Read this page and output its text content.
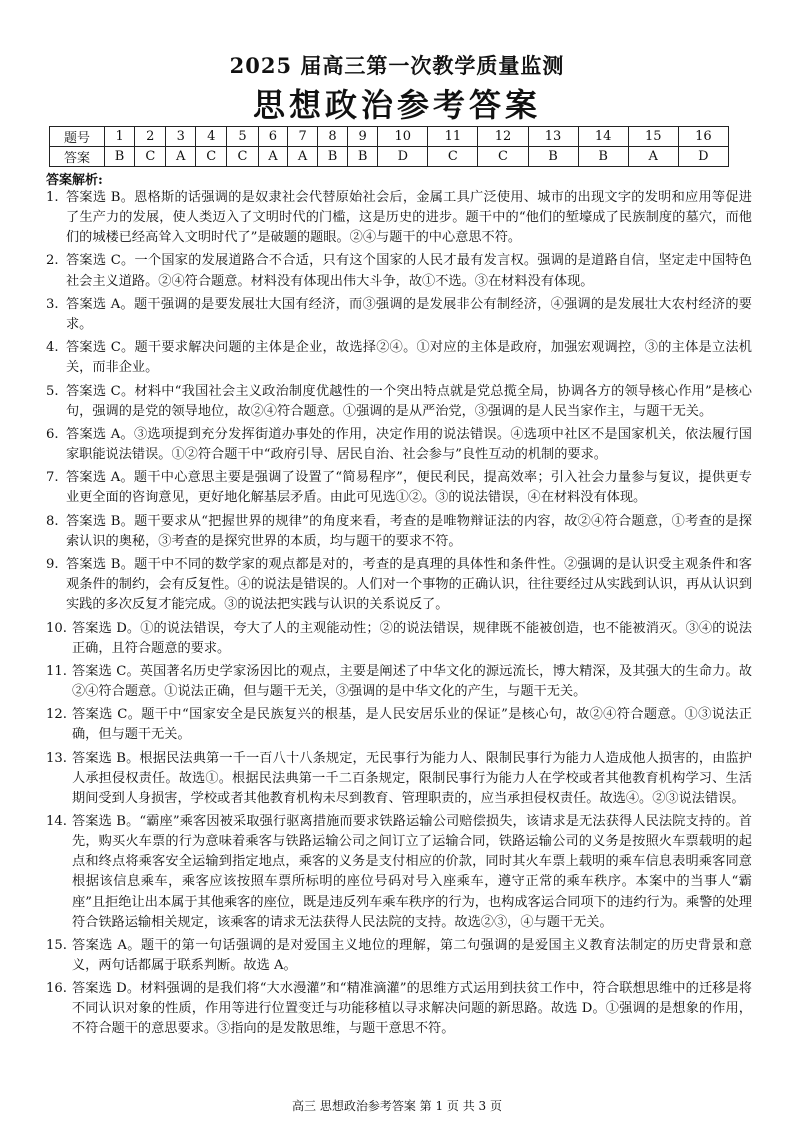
2025 届高三第一次教学质量监测
思想政治参考答案
题号	1	2	3	4	5	6	7	8	9	10	11	12	13	14	15	16
答案	B	C	A	C	C	A	A	B	B	D	C	C	B	B	A	D
答案解析:
1. 答案选 B。恩格斯的话强调的是奴隶社会代替原始社会后，金属工具广泛使用、城市的出现文字的发明和应用等促进了生产力的发展，使人类迈入了文明时代的门槛，这是历史的进步。题干中的“他们的堑壕成了民族制度的墓穴，而他们的城楼已经高耸入文明时代了”是破题的题眼。②④与题干的中心意思不符。
2. 答案选 C。一个国家的发展道路合不合适，只有这个国家的人民才最有发言权。强调的是道路自信，坚定走中国特色社会主义道路。②④符合题意。材料没有体现出伟大斗争，故①不选。③在材料没有体现。
3. 答案选 A。题干强调的是要发展壮大国有经济，而③强调的是发展非公有制经济，④强调的是发展壮大农村经济的要求。
4. 答案选 C。题干要求解决问题的主体是企业，故选择②④。①对应的主体是政府，加强宏观调控，③的主体是立法机关，而非企业。
5. 答案选 C。材料中“我国社会主义政治制度优越性的一个突出特点就是党总揽全局，协调各方的领导核心作用”是核心句，强调的是党的领导地位，故②④符合题意。①强调的是从严治党，③强调的是人民当家作主，与题干无关。
6. 答案选 A。③选项提到充分发挥街道办事处的作用，决定作用的说法错误。④选项中社区不是国家机关，依法履行国家职能说法错误。①②符合题干中“政府引导、居民自治、社会参与”良性互动的机制的要求。
7. 答案选 A。题干中心意思主要是强调了设置了“简易程序”，便民利民，提高效率；引入社会力量参与复议，提供更专业更全面的咨询意见，更好地化解基层矛盾。由此可见选①②。③的说法错误，④在材料没有体现。
8. 答案选 B。题干要求从“把握世界的规律”的角度来看，考查的是唯物辩证法的内容，故②④符合题意，①考查的是探索认识的奥秘，③考查的是探究世界的本质，均与题干的要求不符。
9. 答案选 B。题干中不同的数学家的观点都是对的，考查的是真理的具体性和条件性。②强调的是认识受主观条件和客观条件的制约，会有反复性。④的说法是错误的。人们对一个事物的正确认识，往往要经过从实践到认识，再从认识到实践的多次反复才能完成。③的说法把实践与认识的关系说反了。
10. 答案选 D。①的说法错误，夸大了人的主观能动性；②的说法错误，规律既不能被创造，也不能被消灭。③④的说法正确，且符合题意的要求。
11. 答案选 C。英国著名历史学家汤因比的观点，主要是阐述了中华文化的源远流长，博大精深，及其强大的生命力。故②④符合题意。①说法正确，但与题干无关，③强调的是中华文化的产生，与题干无关。
12. 答案选 C。题干中“国家安全是民族复兴的根基，是人民安居乐业的保证”是核心句，故②④符合题意。①③说法正确，但与题干无关。
13. 答案选 B。根据民法典第一千一百八十八条规定，无民事行为能力人、限制民事行为能力人造成他人损害的，由监护人承担侵权责任。故选①。根据民法典第一千二百条规定，限制民事行为能力人在学校或者其他教育机构学习、生活期间受到人身损害，学校或者其他教育机构未尽到教育、管理职责的，应当承担侵权责任。故选④。②③说法错误。
14. 答案选 B。“霸座”乘客因被采取强行驱离措施而要求铁路运输公司赔偿损失，该请求是无法获得人民法院支持的。首先，购买火车票的行为意味着乘客与铁路运输公司之间订立了运输合同，铁路运输公司的义务是按照火车票载明的起点和终点将乘客安全运输到指定地点，乘客的义务是支付相应的价款，同时其火车票上载明的乘车信息表明乘客同意根据该信息乘车，乘客应该按照车票所标明的座位号码对号入座乘车，遵守正常的乘车秩序。本案中的当事人“霸座”且拒绝让出本属于其他乘客的座位，既是违反列车乘车秩序的行为，也构成客运合同项下的违约行为。乘警的处理符合铁路运输相关规定，该乘客的请求无法获得人民法院的支持。故选②③，④与题干无关。
15. 答案选 A。题干的第一句话强调的是对爱国主义地位的理解，第二句强调的是爱国主义教育法制定的历史背景和意义，两句话都属于联系判断。故选 A。
16. 答案选 D。材料强调的是我们将“大水漫灌”和“精准滴灌”的思维方式运用到扶贫工作中，符合联想思维中的迁移是将不同认识对象的性质，作用等进行位置变迁与功能移植以寻求解决问题的新思路。故选 D。①强调的是想象的作用，不符合题干的意思要求。③指向的是发散思维，与题干意思不符。
高三 思想政治参考答案 第 1 页 共 3 页
